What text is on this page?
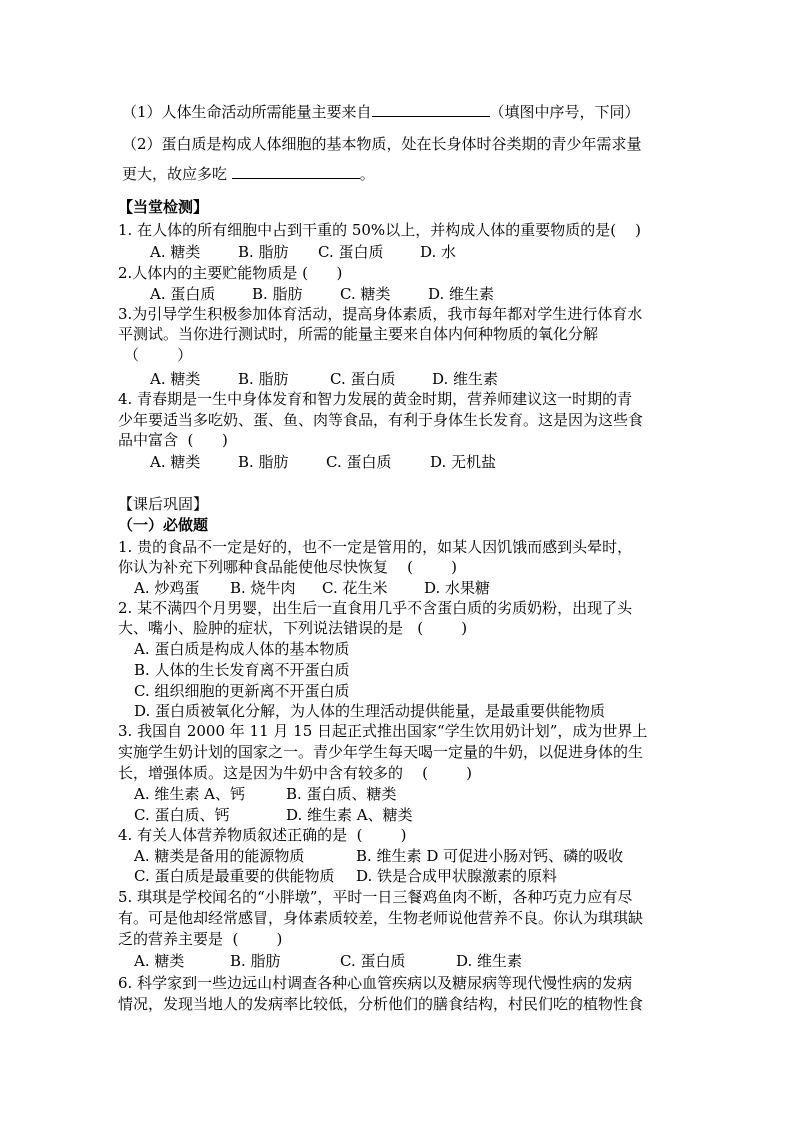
（1）人体生命活动所需能量主要来自	（填图中序号，下同）
（2）蛋白质是构成人体细胞的基本物质，处在长身体时谷类期的青少年需求量
更大，故应多吃	。
【当堂检测】
1. 在人体的所有细胞中占到干重的 50%以上，并构成人体的重要物质的是(    )
A. 糖类	B. 脂肪 C. 蛋白质 D. 水
2.人体内的主要贮能物质是 (      )
A. 蛋白质 B. 脂肪 C. 糖类	D. 维生素
3.为引导学生积极参加体育活动，提高身体素质，我市每年都对学生进行体育水
平测试。当你进行测试时，所需的能量主要来自体内何种物质的氧化分解
（        ）
A. 糖类	B. 脂肪	C. 蛋白质 D. 维生素
4. 青春期是一生中身体发育和智力发展的黄金时期，营养师建议这一时期的青
少年要适当多吃奶、蛋、鱼、肉等食品，有利于身体生长发育。这是因为这些食
品中富含  (      )
A. 糖类	B. 脂肪 C. 蛋白质	D. 无机盐
【课后巩固】
（一）必做题
1. 贵的食品不一定是好的，也不一定是管用的，如某人因饥饿而感到头晕时，
你认为补充下列哪种食品能使他尽快恢复    (        )
A. 炒鸡蛋 B. 烧牛肉 C. 花生米 D. 水果糖
2. 某不满四个月男婴，出生后一直食用几乎不含蛋白质的劣质奶粉，出现了头
大、嘴小、脸肿的症状，下列说法错误的是   (        )
A. 蛋白质是构成人体的基本物质
B. 人体的生长发育离不开蛋白质
C. 组织细胞的更新离不开蛋白质
D. 蛋白质被氧化分解，为人体的生理活动提供能量，是最重要供能物质
3. 我国自 2000 年 11 月 15 日起正式推出国家“学生饮用奶计划”，成为世界上
实施学生奶计划的国家之一。青少年学生每天喝一定量的牛奶，以促进身体的生
长，增强体质。这是因为牛奶中含有较多的    (        )
A. 维生素 A、钙	B. 蛋白质、糖类
C. 蛋白质、钙	D. 维生素 A、糖类
4. 有关人体营养物质叙述正确的是  (        )
A. 糖类是备用的能源物质	B. 维生素 D 可促进小肠对钙、磷的吸收
C. 蛋白质是最重要的供能物质 D. 铁是合成甲状腺激素的原料
5. 琪琪是学校闻名的“小胖墩”，平时一日三餐鸡鱼肉不断，各种巧克力应有尽
有。可是他却经常感冒，身体素质较差，生物老师说他营养不良。你认为琪琪缺
乏的营养主要是  (        )
A. 糖类	B. 脂肪	C. 蛋白质	D. 维生素
6. 科学家到一些边远山村调查各种心血管疾病以及糖尿病等现代慢性病的发病
情况，发现当地人的发病率比较低，分析他们的膳食结构，村民们吃的植物性食
